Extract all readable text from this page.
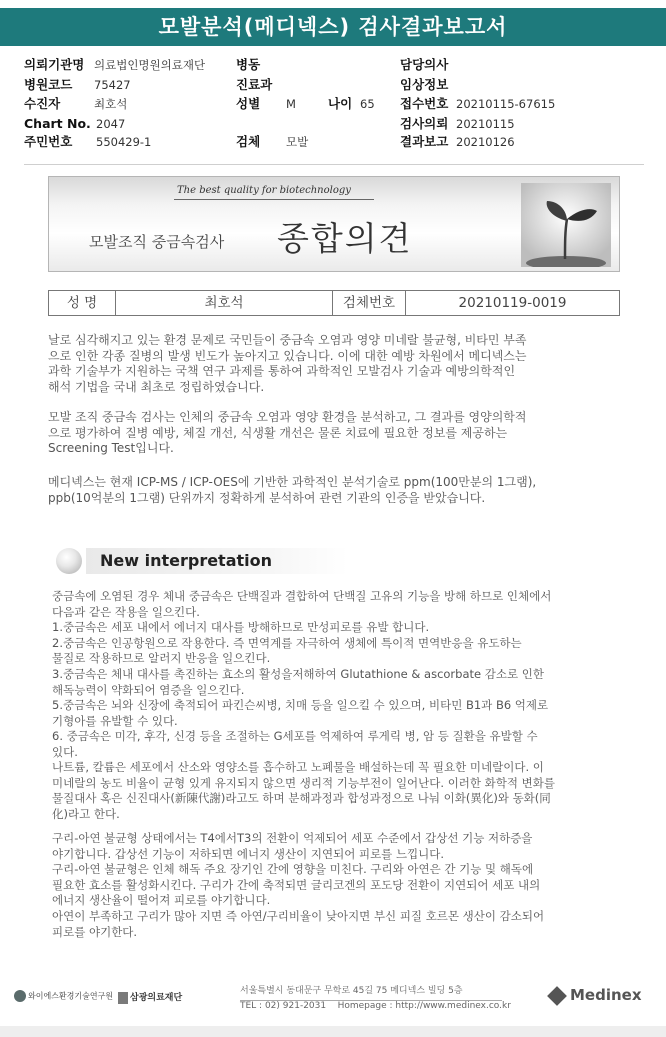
모발분석(메디넥스) 검사결과보고서
의뢰기관명 의료법인명원의료재단 병동	담당의사
병원코드 75427	진료과	임상정보
수진자	최호석	성별 M	나이 65 접수번호 20210115-67615
Chart No. 2047	검사의뢰 20210115
주민번호 550429-1	검체 모발	결과보고 20210126
The best quality for biotechnology
모발조직 중금속검사 종합의견
성 명	최호석	검체번호	20210119-0019
날로 심각해지고 있는 환경 문제로 국민들이 중금속 오염과 영양 미네랄 불균형, 비타민 부족
으로 인한 각종 질병의 발생 빈도가 높아지고 있습니다. 이에 대한 예방 차원에서 메디넥스는
과학 기술부가 지원하는 국책 연구 과제를 통하여 과학적인 모발검사 기술과 예방의학적인
해석 기법을 국내 최초로 정립하였습니다.
모발 조직 중금속 검사는 인체의 중금속 오염과 영양 환경을 분석하고, 그 결과를 영양의학적
으로 평가하여 질병 예방, 체질 개선, 식생활 개선은 물론 치료에 필요한 정보를 제공하는
Screening Test입니다.
메디넥스는 현재 ICP-MS / ICP-OES에 기반한 과학적인 분석기술로 ppm(100만분의 1그램),
ppb(10억분의 1그램) 단위까지 정확하게 분석하여 관련 기관의 인증을 받았습니다.
New interpretation
중금속에 오염된 경우 체내 중금속은 단백질과 결합하여 단백질 고유의 기능을 방해 하므로 인체에서
다음과 같은 작용을 일으킨다.
1.중금속은 세포 내에서 에너지 대사를 방해하므로 만성피로를 유발 합니다.
2.중금속은 인공항원으로 작용한다. 즉 면역계를 자극하여 생체에 특이적 면역반응을 유도하는
물질로 작용하므로 알러지 반응을 일으킨다.
3.중금속은 체내 대사를 촉진하는 효소의 활성을저해하여 Glutathione & ascorbate 감소로 인한
해독능력이 약화되어 염증을 일으킨다.
5.중금속은 뇌와 신장에 축적되어 파킨슨씨병, 치매 등을 일으킬 수 있으며, 비타민 B1과 B6 억제로
기형아를 유발할 수 있다.
6. 중금속은 미각, 후각, 신경 등을 조절하는 G세포를 억제하여 루게릭 병, 암 등 질환을 유발할 수
있다.
나트륨, 칼륨은 세포에서 산소와 영양소를 흡수하고 노폐물을 배설하는데 꼭 필요한 미네랄이다. 이
미네랄의 농도 비율이 균형 있게 유지되지 않으면 생리적 기능부전이 일어난다. 이러한 화학적 변화를
물질대사 혹은 신진대사(新陳代謝)라고도 하며 분해과정과 합성과정으로 나눠 이화(異化)와 동화(同
化)라고 한다.
구리-아연 불균형 상태에서는 T4에서T3의 전환이 억제되어 세포 수준에서 갑상선 기능 저하증을
야기합니다. 갑상선 기능이 저하되면 에너지 생산이 지연되어 피로를 느낍니다.
구리-아연 불균형은 인체 해독 주요 장기인 간에 영향을 미친다. 구리와 아연은 간 기능 및 해독에
필요한 효소를 활성화시킨다. 구리가 간에 축적되면 글리코겐의 포도당 전환이 지연되어 세포 내의
에너지 생산율이 떨어져 피로를 야기합니다.
아연이 부족하고 구리가 많아 지면 즉 아연/구리비율이 낮아지면 부신 피질 호르몬 생산이 감소되어
피로를 야기한다.
와이에스환경기술연구원	삼광의료재단
서울특별시 동대문구 무학로 45길 75 메디넥스 빌딩 5층
TEL : 02) 921-2031 Homepage : http://www.medinex.co.kr
Medinex
